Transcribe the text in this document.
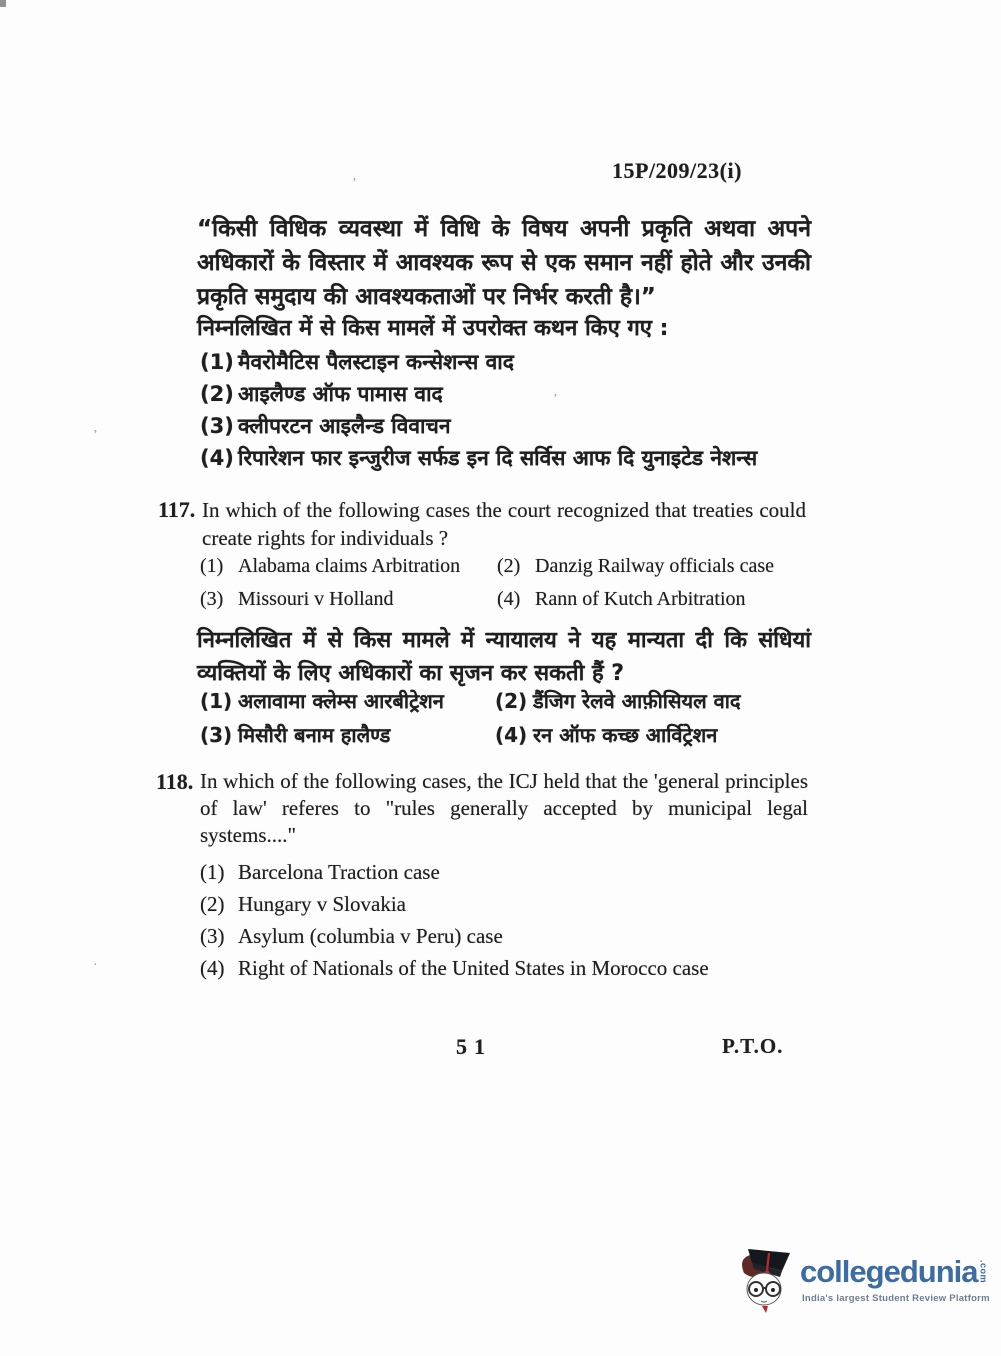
’
’
’
·
15P/209/23(i)
“किसी विधिक व्यवस्था में विधि के विषय अपनी प्रकृति अथवा अपने अधिकारों के विस्तार में आवश्यक रूप से एक समान नहीं होते और उनकी प्रकृति समुदाय की आवश्यकताओं पर निर्भर करती है।”
निम्नलिखित में से किस मामलें में उपरोक्त कथन किए गए :
(1) मैवरोमैटिस पैलस्टाइन कन्सेशन्स वाद
(2) आइलैण्ड ऑफ पामास वाद
(3) क्लीपरटन आइलैन्ड विवाचन
(4) रिपारेशन फार इन्जुरीज सर्फड इन दि सर्विस आफ दि युनाइटेड नेशन्स
117. In which of the following cases the court recognized that treaties could create rights for individuals ?
(1) Alabama claims Arbitration	(2) Danzig Railway officials case
(3) Missouri v Holland	(4) Rann of Kutch Arbitration
निम्नलिखित में से किस मामले में न्यायालय ने यह मान्यता दी कि संधियां व्यक्तियों के लिए अधिकारों का सृजन कर सकती हैं ?
(1) अलावामा क्लेम्स आरबीट्रेशन	(2) डैंजिग रेलवे आफ़ीसियल वाद
(3) मिसौरी बनाम हालैण्ड	(4) रन ऑफ कच्छ आर्विट्रेशन
118. In which of the following cases, the ICJ held that the 'general principles of law' referes to "rules generally accepted by municipal legal systems...."
(1) Barcelona Traction case
(2) Hungary v Slovakia
(3) Asylum (columbia v Peru) case
(4) Right of Nationals of the United States in Morocco case
51	P.T.O.
collegedunia .com
India's largest Student Review Platform
